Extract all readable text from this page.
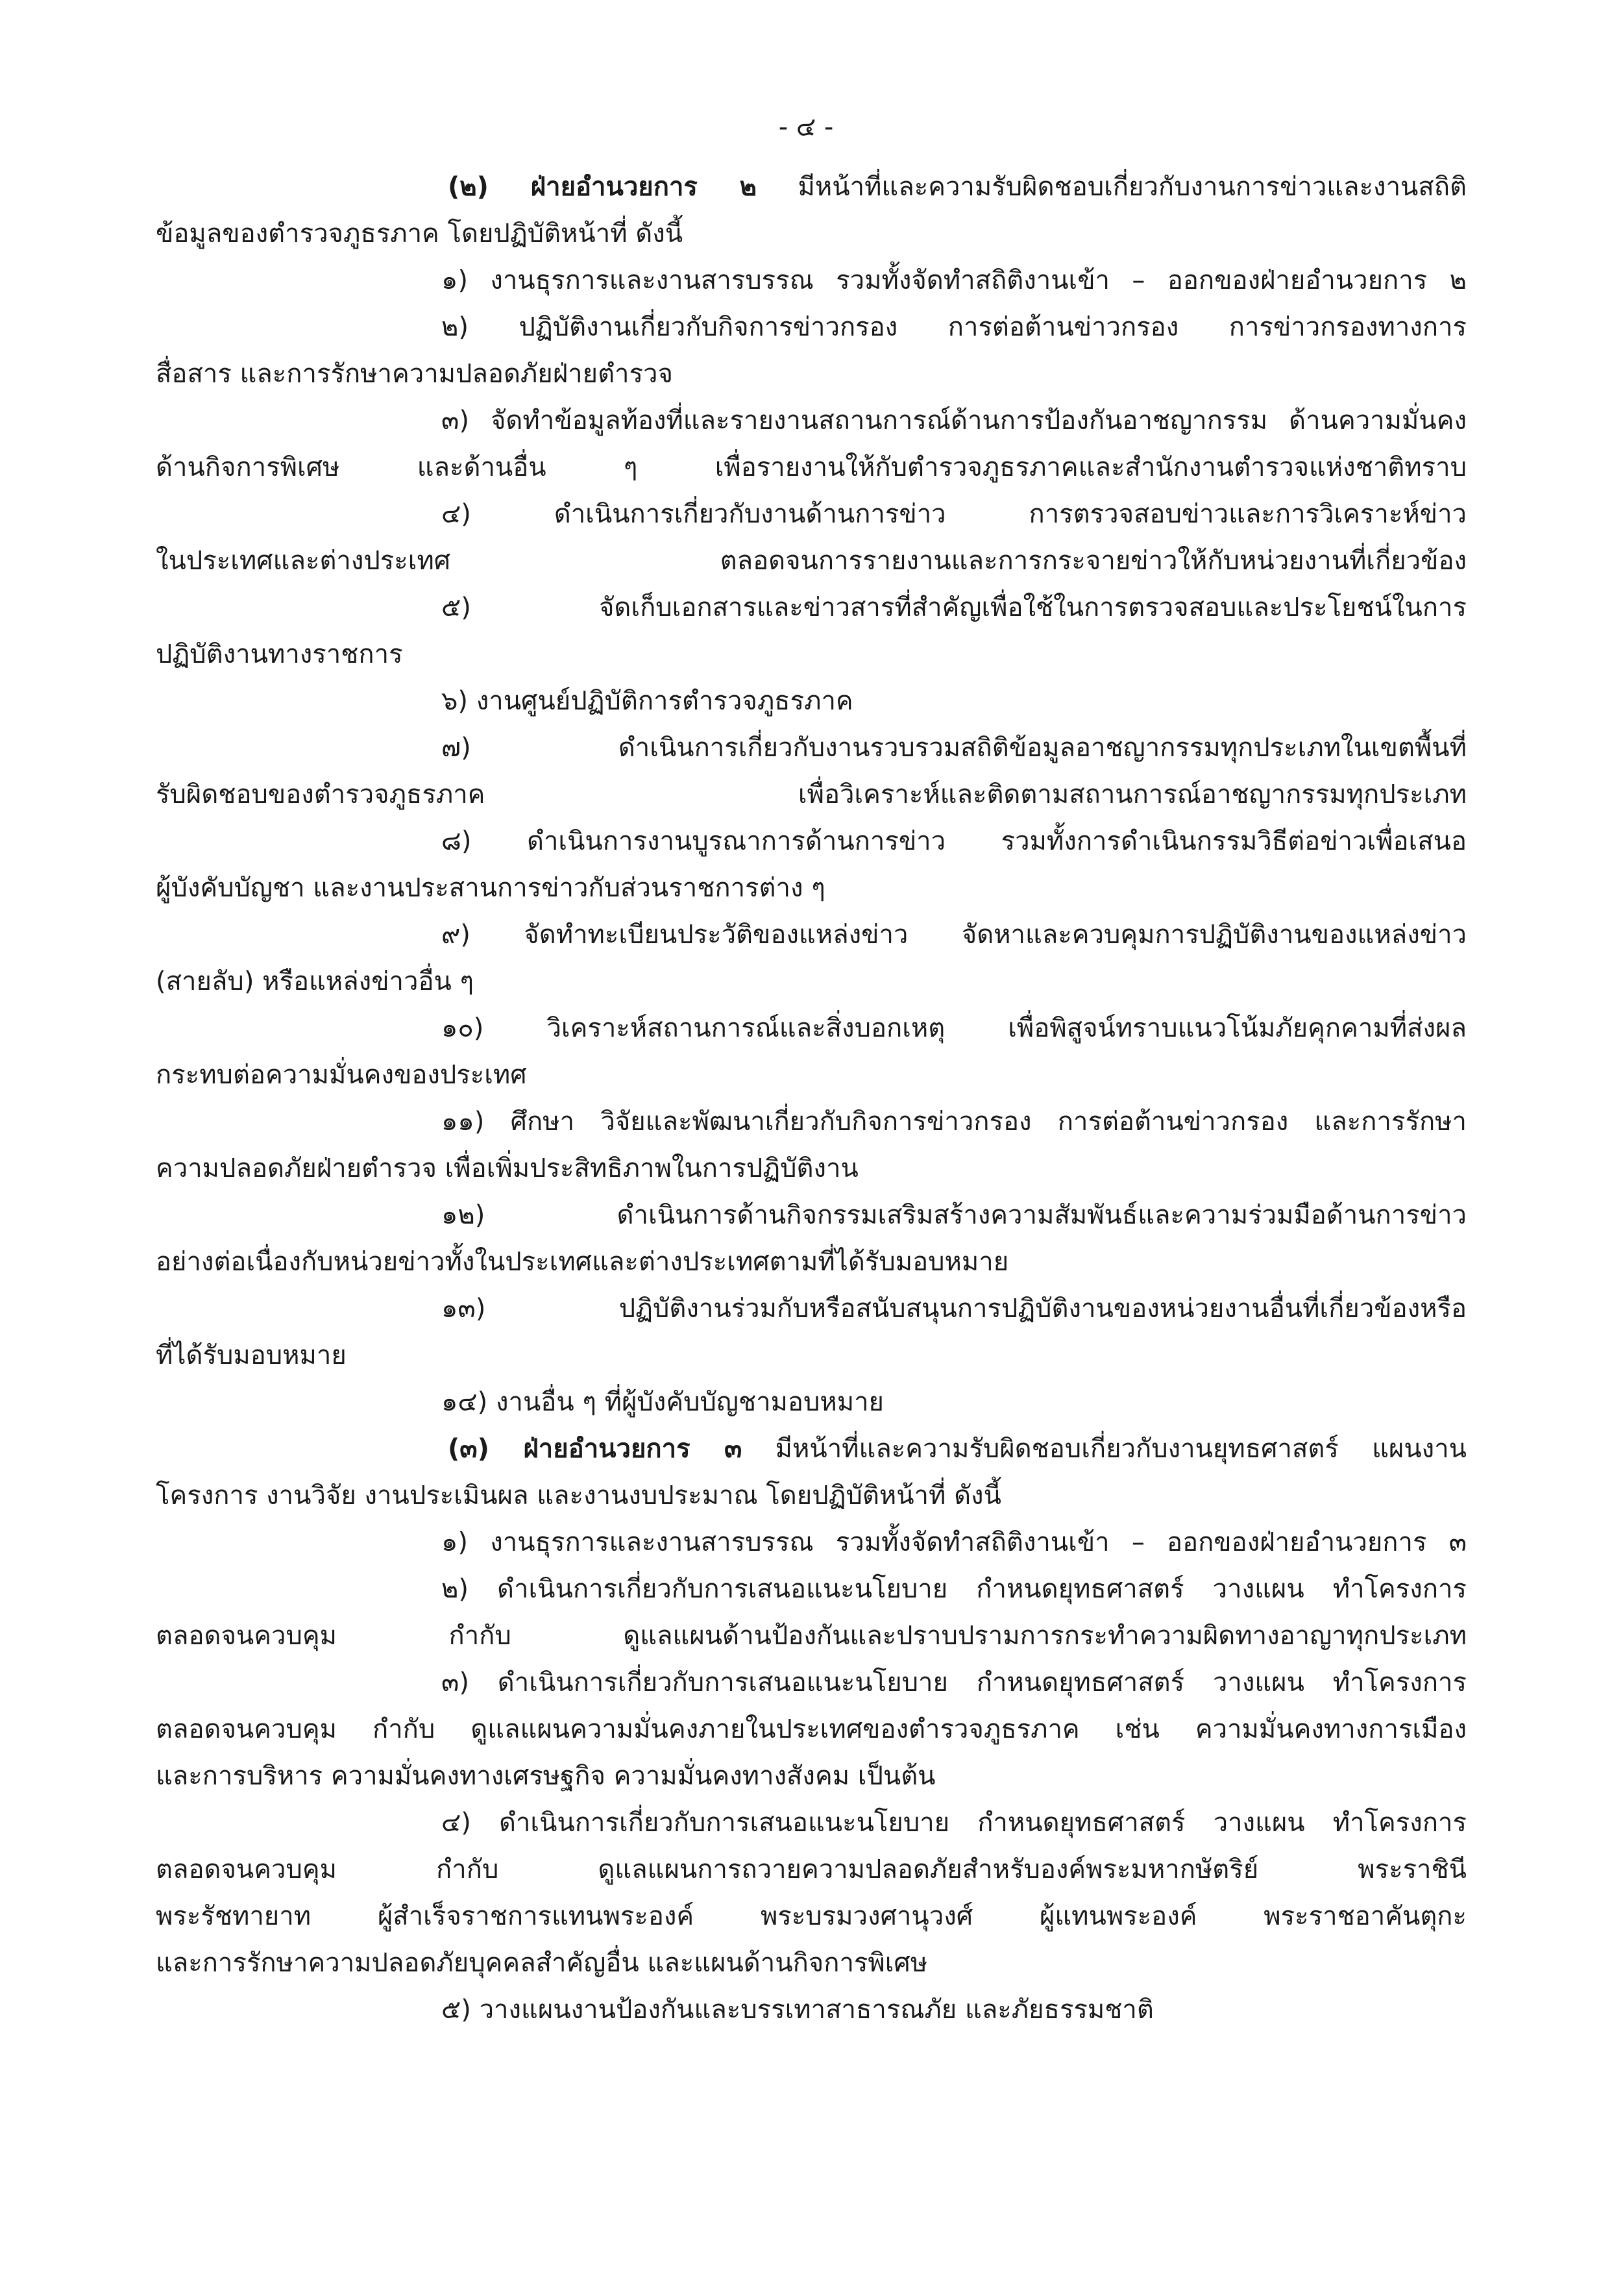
- ๔ -
(๒) ฝ่ายอำนวยการ ๒ มีหน้าที่และความรับผิดชอบเกี่ยวกับงานการข่าวและงานสถิติ
ข้อมูลของตำรวจภูธรภาค โดยปฏิบัติหน้าที่ ดังนี้
๑) งานธุรการและงานสารบรรณ รวมทั้งจัดทำสถิติงานเข้า – ออกของฝ่ายอำนวยการ ๒
๒) ปฏิบัติงานเกี่ยวกับกิจการข่าวกรอง การต่อต้านข่าวกรอง การข่าวกรองทางการ
สื่อสาร และการรักษาความปลอดภัยฝ่ายตำรวจ
๓) จัดทำข้อมูลท้องที่และรายงานสถานการณ์ด้านการป้องกันอาชญากรรม ด้านความมั่นคง
ด้านกิจการพิเศษ และด้านอื่น ๆ เพื่อรายงานให้กับตำรวจภูธรภาคและสำนักงานตำรวจแห่งชาติทราบ
๔) ดำเนินการเกี่ยวกับงานด้านการข่าว การตรวจสอบข่าวและการวิเคราะห์ข่าว
ในประเทศและต่างประเทศ ตลอดจนการรายงานและการกระจายข่าวให้กับหน่วยงานที่เกี่ยวข้อง
๕) จัดเก็บเอกสารและข่าวสารที่สำคัญเพื่อใช้ในการตรวจสอบและประโยชน์ในการ
ปฏิบัติงานทางราชการ
๖) งานศูนย์ปฏิบัติการตำรวจภูธรภาค
๗) ดำเนินการเกี่ยวกับงานรวบรวมสถิติข้อมูลอาชญากรรมทุกประเภทในเขตพื้นที่
รับผิดชอบของตำรวจภูธรภาค เพื่อวิเคราะห์และติดตามสถานการณ์อาชญากรรมทุกประเภท
๘) ดำเนินการงานบูรณาการด้านการข่าว รวมทั้งการดำเนินกรรมวิธีต่อข่าวเพื่อเสนอ
ผู้บังคับบัญชา และงานประสานการข่าวกับส่วนราชการต่าง ๆ
๙) จัดทำทะเบียนประวัติของแหล่งข่าว จัดหาและควบคุมการปฏิบัติงานของแหล่งข่าว
(สายลับ) หรือแหล่งข่าวอื่น ๆ
๑๐) วิเคราะห์สถานการณ์และสิ่งบอกเหตุ เพื่อพิสูจน์ทราบแนวโน้มภัยคุกคามที่ส่งผล
กระทบต่อความมั่นคงของประเทศ
๑๑) ศึกษา วิจัยและพัฒนาเกี่ยวกับกิจการข่าวกรอง การต่อต้านข่าวกรอง และการรักษา
ความปลอดภัยฝ่ายตำรวจ เพื่อเพิ่มประสิทธิภาพในการปฏิบัติงาน
๑๒) ดำเนินการด้านกิจกรรมเสริมสร้างความสัมพันธ์และความร่วมมือด้านการข่าว
อย่างต่อเนื่องกับหน่วยข่าวทั้งในประเทศและต่างประเทศตามที่ได้รับมอบหมาย
๑๓) ปฏิบัติงานร่วมกับหรือสนับสนุนการปฏิบัติงานของหน่วยงานอื่นที่เกี่ยวข้องหรือ
ที่ได้รับมอบหมาย
๑๔) งานอื่น ๆ ที่ผู้บังคับบัญชามอบหมาย
(๓) ฝ่ายอำนวยการ ๓ มีหน้าที่และความรับผิดชอบเกี่ยวกับงานยุทธศาสตร์ แผนงาน
โครงการ งานวิจัย งานประเมินผล และงานงบประมาณ โดยปฏิบัติหน้าที่ ดังนี้
๑) งานธุรการและงานสารบรรณ รวมทั้งจัดทำสถิติงานเข้า – ออกของฝ่ายอำนวยการ ๓
๒) ดำเนินการเกี่ยวกับการเสนอแนะนโยบาย กำหนดยุทธศาสตร์ วางแผน ทำโครงการ
ตลอดจนควบคุม กำกับ ดูแลแผนด้านป้องกันและปราบปรามการกระทำความผิดทางอาญาทุกประเภท
๓) ดำเนินการเกี่ยวกับการเสนอแนะนโยบาย กำหนดยุทธศาสตร์ วางแผน ทำโครงการ
ตลอดจนควบคุม กำกับ ดูแลแผนความมั่นคงภายในประเทศของตำรวจภูธรภาค เช่น ความมั่นคงทางการเมือง
และการบริหาร ความมั่นคงทางเศรษฐกิจ ความมั่นคงทางสังคม เป็นต้น
๔) ดำเนินการเกี่ยวกับการเสนอแนะนโยบาย กำหนดยุทธศาสตร์ วางแผน ทำโครงการ
ตลอดจนควบคุม กำกับ ดูแลแผนการถวายความปลอดภัยสำหรับองค์พระมหากษัตริย์ พระราชินี
พระรัชทายาท ผู้สำเร็จราชการแทนพระองค์ พระบรมวงศานุวงศ์ ผู้แทนพระองค์ พระราชอาคันตุกะ
และการรักษาความปลอดภัยบุคคลสำคัญอื่น และแผนด้านกิจการพิเศษ
๕) วางแผนงานป้องกันและบรรเทาสาธารณภัย และภัยธรรมชาติ
